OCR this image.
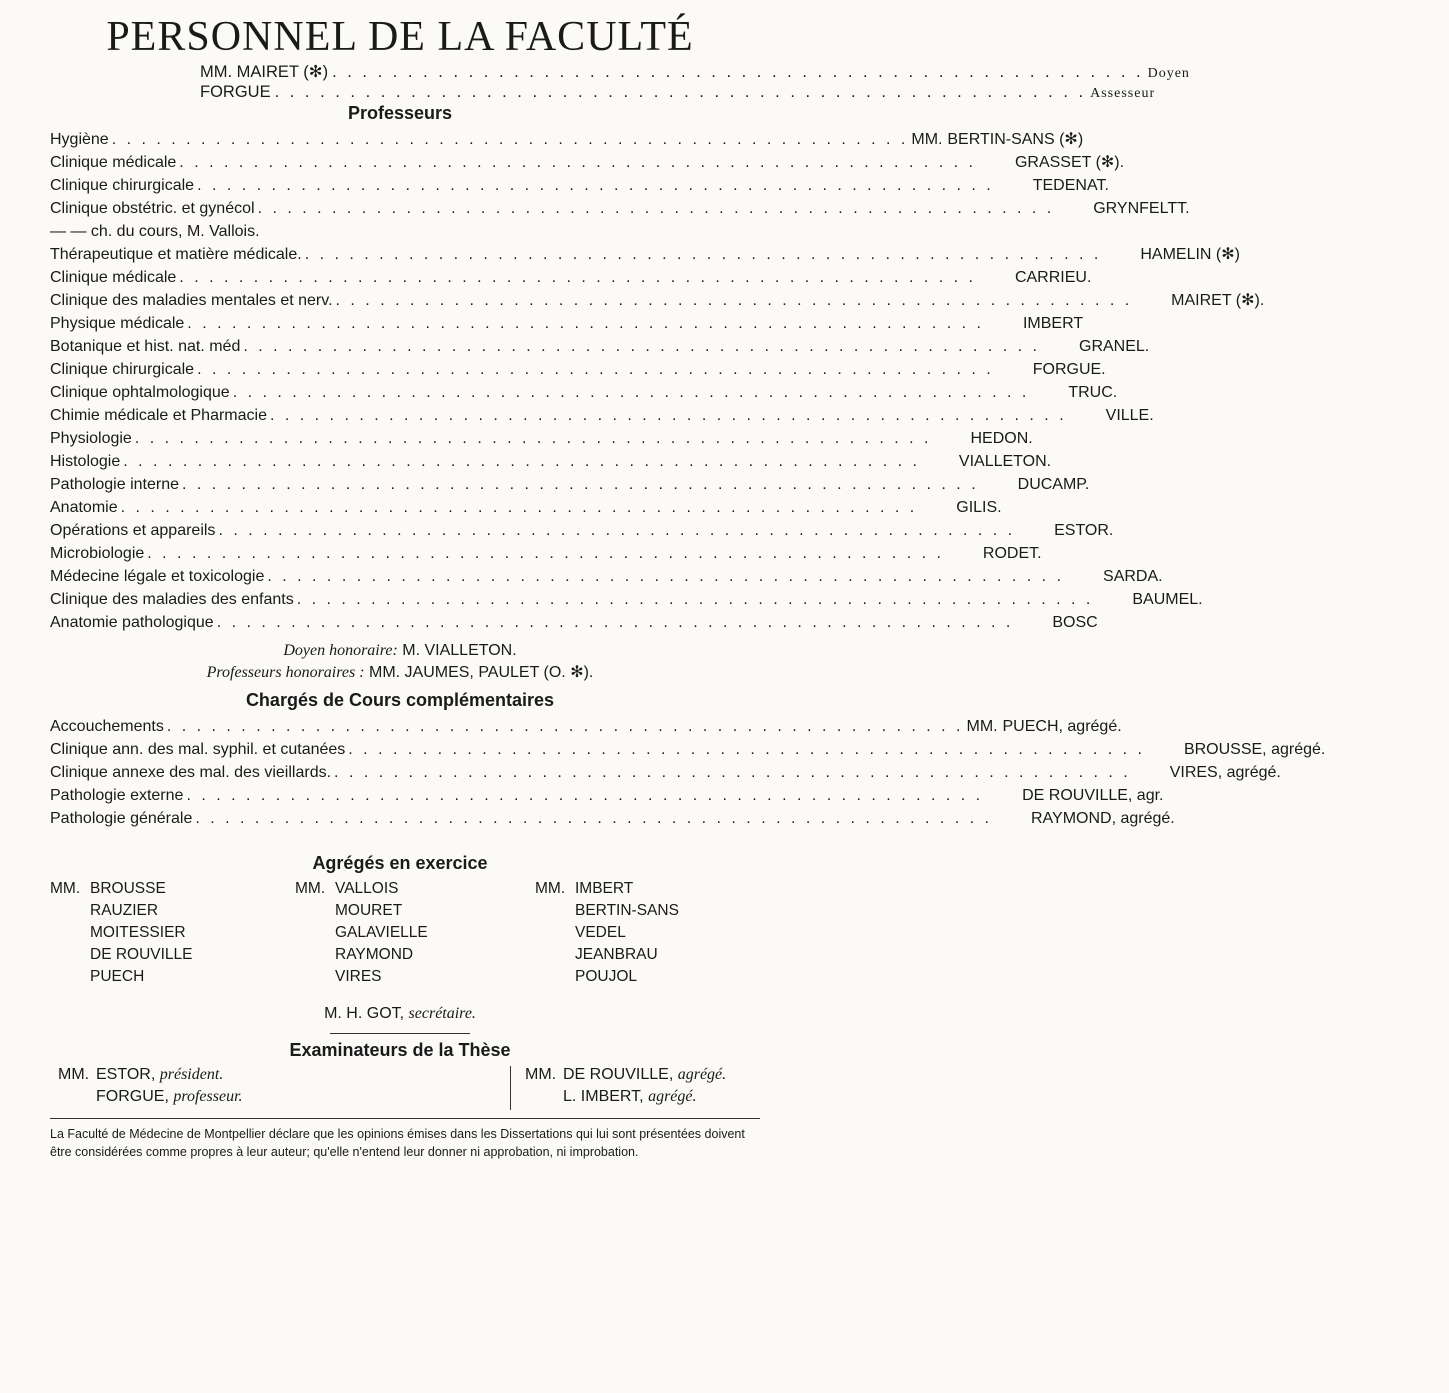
PERSONNEL DE LA FACULTÉ
MM. MAIRET (✻) . . . . . . . . . . . . . . . . . . . . . . . . . . . . . . . . . . . . . . . . . . . . . . . . . . . . . . Doyen
FORGUE . . . . . . . . . . . . . . . . . . . . . . . . . . . . . . . . . . . . . . . . . . . . . . . . . . . . . . Assesseur
Professeurs
Hygiène . . . . . . . . . . . . . . . . . . . . . . . . . . . . . . . . . . . . . . . . . . . . . . . . . . . . . . MM. BERTIN-SANS (✻)
Clinique médicale . . . . . . . . . . . . . . . . . . . . . . . . . . . . . . . . . . . . . . . . . . . . . . . . . . . . . . GRASSET (✻).
Clinique chirurgicale . . . . . . . . . . . . . . . . . . . . . . . . . . . . . . . . . . . . . . . . . . . . . . . . . . . . . . TEDENAT.
Clinique obstétric. et gynécol . . . . . . . . . . . . . . . . . . . . . . . . . . . . . . . . . . . . . . . . . . . . . . . . . . . . . . GRYNFELTT.
— — ch. du cours, M. Vallois.
Thérapeutique et matière médicale. . . . . . . . . . . . . . . . . . . . . . . . . . . . . . . . . . . . . . . . . . . . . . . . . . . . . . . HAMELIN (✻)
Clinique médicale . . . . . . . . . . . . . . . . . . . . . . . . . . . . . . . . . . . . . . . . . . . . . . . . . . . . . . CARRIEU.
Clinique des maladies mentales et nerv. . . . . . . . . . . . . . . . . . . . . . . . . . . . . . . . . . . . . . . . . . . . . . . . . . . . . . . MAIRET (✻).
Physique médicale . . . . . . . . . . . . . . . . . . . . . . . . . . . . . . . . . . . . . . . . . . . . . . . . . . . . . . IMBERT
Botanique et hist. nat. méd . . . . . . . . . . . . . . . . . . . . . . . . . . . . . . . . . . . . . . . . . . . . . . . . . . . . . . GRANEL.
Clinique chirurgicale . . . . . . . . . . . . . . . . . . . . . . . . . . . . . . . . . . . . . . . . . . . . . . . . . . . . . . FORGUE.
Clinique ophtalmologique . . . . . . . . . . . . . . . . . . . . . . . . . . . . . . . . . . . . . . . . . . . . . . . . . . . . . . TRUC.
Chimie médicale et Pharmacie . . . . . . . . . . . . . . . . . . . . . . . . . . . . . . . . . . . . . . . . . . . . . . . . . . . . . . VILLE.
Physiologie . . . . . . . . . . . . . . . . . . . . . . . . . . . . . . . . . . . . . . . . . . . . . . . . . . . . . . HEDON.
Histologie . . . . . . . . . . . . . . . . . . . . . . . . . . . . . . . . . . . . . . . . . . . . . . . . . . . . . . VIALLETON.
Pathologie interne . . . . . . . . . . . . . . . . . . . . . . . . . . . . . . . . . . . . . . . . . . . . . . . . . . . . . . DUCAMP.
Anatomie . . . . . . . . . . . . . . . . . . . . . . . . . . . . . . . . . . . . . . . . . . . . . . . . . . . . . . GILIS.
Opérations et appareils . . . . . . . . . . . . . . . . . . . . . . . . . . . . . . . . . . . . . . . . . . . . . . . . . . . . . . ESTOR.
Microbiologie . . . . . . . . . . . . . . . . . . . . . . . . . . . . . . . . . . . . . . . . . . . . . . . . . . . . . . RODET.
Médecine légale et toxicologie . . . . . . . . . . . . . . . . . . . . . . . . . . . . . . . . . . . . . . . . . . . . . . . . . . . . . . SARDA.
Clinique des maladies des enfants . . . . . . . . . . . . . . . . . . . . . . . . . . . . . . . . . . . . . . . . . . . . . . . . . . . . . . BAUMEL.
Anatomie pathologique . . . . . . . . . . . . . . . . . . . . . . . . . . . . . . . . . . . . . . . . . . . . . . . . . . . . . . BOSC
Doyen honoraire: M. VIALLETON.
Professeurs honoraires : MM. JAUMES, PAULET (O. ✻).
Chargés de Cours complémentaires
Accouchements . . . . . . . . . . . . . . . . . . . . . . . . . . . . . . . . . . . . . . . . . . . . . . . . . . . . . . MM. PUECH, agrégé.
Clinique ann. des mal. syphil. et cutanées . . . . . . . . . . . . . . . . . . . . . . . . . . . . . . . . . . . . . . . . . . . . . . . . . . . . . . BROUSSE, agrégé.
Clinique annexe des mal. des vieillards. . . . . . . . . . . . . . . . . . . . . . . . . . . . . . . . . . . . . . . . . . . . . . . . . . . . . . . VIRES, agrégé.
Pathologie externe . . . . . . . . . . . . . . . . . . . . . . . . . . . . . . . . . . . . . . . . . . . . . . . . . . . . . . DE ROUVILLE, agr.
Pathologie générale . . . . . . . . . . . . . . . . . . . . . . . . . . . . . . . . . . . . . . . . . . . . . . . . . . . . . . RAYMOND, agrégé.
Agrégés en exercice
MM. BROUSSE
RAUZIER
MOITESSIER
DE ROUVILLE
PUECH
MM. VALLOIS
MOURET
GALAVIELLE
RAYMOND
VIRES
MM. IMBERT
BERTIN-SANS
VEDEL
JEANBRAU
POUJOL
M. H. GOT, secrétaire.
Examinateurs de la Thèse
MM. ESTOR, président.
FORGUE, professeur.
MM. DE ROUVILLE, agrégé.
L. IMBERT, agrégé.
La Faculté de Médecine de Montpellier déclare que les opinions émises dans les Dissertations qui lui sont présentées doivent être considérées comme propres à leur auteur; qu'elle n'entend leur donner ni approbation, ni improbation.
